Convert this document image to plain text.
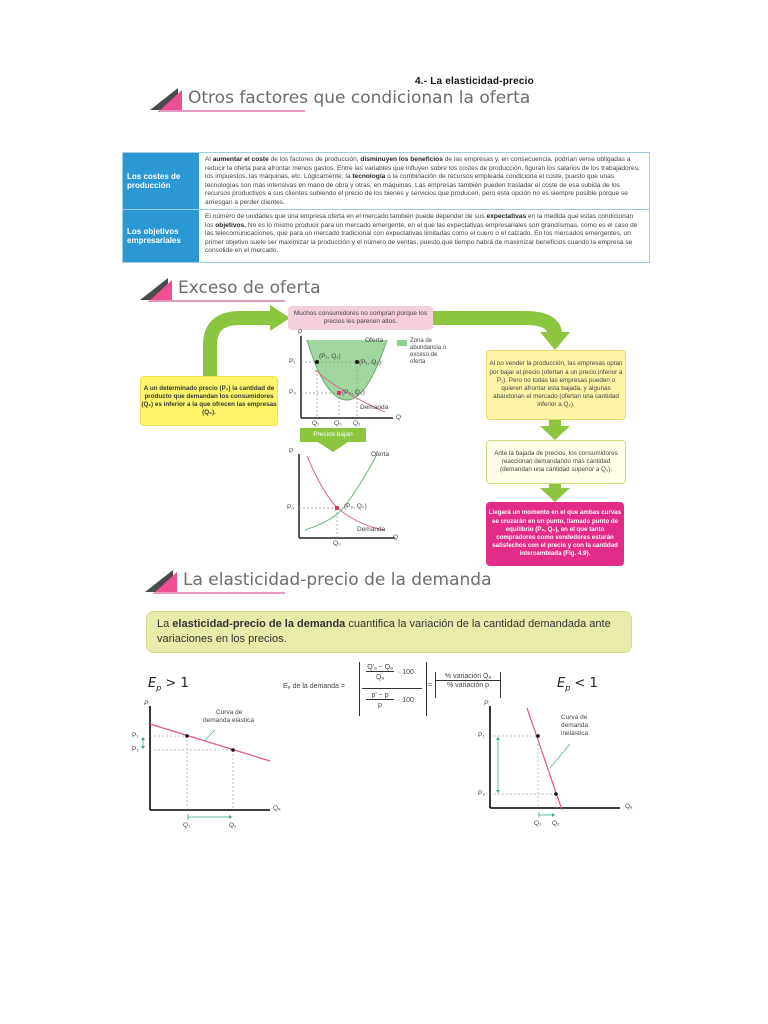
4.- La elasticidad-precio
Otros factores que condicionan la oferta
Los costes de producción
Al aumentar el coste de los factores de producción, disminuyen los beneficios de las empresas y, en consecuencia, podrían verse obligadas a reducir la oferta para afrontar menos gastos. Entre las variables que influyen sobre los costes de producción, figuran los salarios de los trabajadores, los impuestos, las máquinas, etc. Lógicamente, la tecnología o la combinación de recursos empleada condiciona el coste, puesto que unas tecnologías son más intensivas en mano de obra y otras, en máquinas. Las empresas también pueden trasladar el coste de esa subida de los recursos productivos a sus clientes subiendo el precio de los bienes y servicios que producen, pero esta opción no es siempre posible porque se arriesgan a perder clientes.
Los objetivos empresariales
El número de unidades que una empresa oferta en el mercado también puede depender de sus expectativas en la medida que estas condicionan los objetivos. No es lo mismo producir para un mercado emergente, en el que las expectativas empresariales son grandísimas, como es el caso de las telecomunicaciones, que para un mercado tradicional con expectativas limitadas como el cuero o el calzado. En los mercados emergentes, un primer objetivo suele ser maximizar la producción y el número de ventas, puesto que tiempo habrá de maximizar beneficios cuando la empresa se consolide en el mercado.
Exceso de oferta
Muchos consumidores no compran porque los precios les parecen altos.
A un determinado precio (P₁) la cantidad de producto que demandan los consumidores (Q₁) es inferior a la que ofrecen las empresas (Q₂).
Al no vender la producción, las empresas optan por bajar el precio (ofertan a un precio inferior a P₁). Pero no todas las empresas pueden o quieren afrontar esta bajada, y algunas abandonan el mercado (ofertan una cantidad inferior a Q₂).
Ante la bajada de precios, los consumidores reaccionan demandando más cantidad (demandan una cantidad superior a Q₁).
Llegará un momento en el que ambas curvas se cruzarán en un punto, llamado punto de equilibrio (P₀, Q₀), en el que tanto compradores como vendedores estarán satisfechos con el precio y con la cantidad intercambiada (Fig. 4.9).
Precios bajan
P
Q
Oferta
Demanda
Zona de abundancia o exceso de oferta
P₁
P₀
(P₁, Q₁)
(P₁, Q₂)
(P₀, Q₀)
Q₁ Q₀ Q₂
P
Q
Oferta
Demanda
P₀	(P₀, Q₀)
Q₀
La elasticidad-precio de la demanda
La elasticidad-precio de la demanda cuantifica la variación de la cantidad demandada ante variaciones en los precios.
Eₚ de la demanda =
Q'ₐ − Qₐ
Qₐ
· 100
p' − p
p
· 100
=
% variación Qₐ
% variación p
$E_p > 1$	$E_p < 1$
P
Qₐ
Curva de
demanda elástica
P₁
P₂
Q₁	Q₂
P
Qₐ
Curva de
demanda
inelástica
P₁
P₂
Q₁ Q₂
